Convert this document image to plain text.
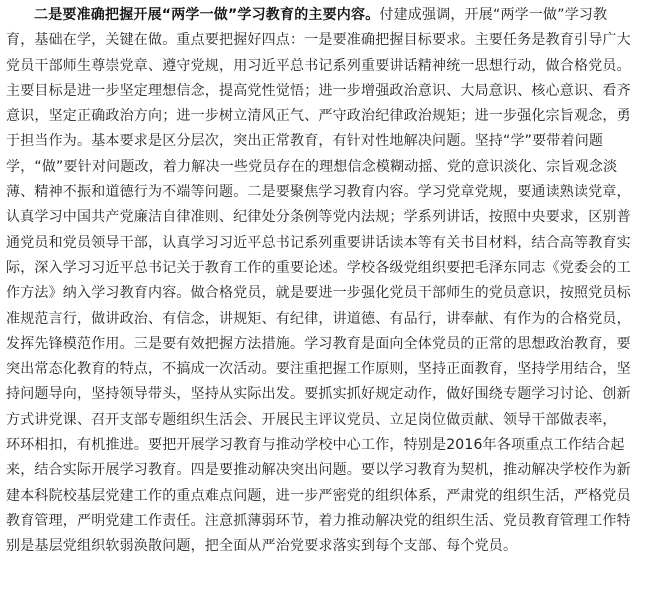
二是要准确把握开展“两学一做”学习教育的主要内容。付建成强调，开展“两学一做”学习教
育，基础在学，关键在做。重点要把握好四点：一是要准确把握目标要求。主要任务是教育引导广大
党员干部师生尊崇党章、遵守党规，用习近平总书记系列重要讲话精神统一思想行动，做合格党员。
主要目标是进一步坚定理想信念，提高党性觉悟；进一步增强政治意识、大局意识、核心意识、看齐
意识，坚定正确政治方向；进一步树立清风正气、严守政治纪律政治规矩；进一步强化宗旨观念，勇
于担当作为。基本要求是区分层次，突出正常教育，有针对性地解决问题。坚持“学”要带着问题
学，“做”要针对问题改，着力解决一些党员存在的理想信念模糊动摇、党的意识淡化、宗旨观念淡
薄、精神不振和道德行为不端等问题。二是要聚焦学习教育内容。学习党章党规，要通读熟读党章，
认真学习中国共产党廉洁自律准则、纪律处分条例等党内法规；学系列讲话，按照中央要求，区别普
通党员和党员领导干部，认真学习习近平总书记系列重要讲话读本等有关书目材料，结合高等教育实
际，深入学习习近平总书记关于教育工作的重要论述。学校各级党组织要把毛泽东同志《党委会的工
作方法》纳入学习教育内容。做合格党员，就是要进一步强化党员干部师生的党员意识，按照党员标
准规范言行，做讲政治、有信念，讲规矩、有纪律，讲道德、有品行，讲奉献、有作为的合格党员，
发挥先锋模范作用。三是要有效把握方法措施。学习教育是面向全体党员的正常的思想政治教育，要
突出常态化教育的特点，不搞成一次活动。要注重把握工作原则，坚持正面教育，坚持学用结合，坚
持问题导向，坚持领导带头，坚持从实际出发。要抓实抓好规定动作，做好围绕专题学习讨论、创新
方式讲党课、召开支部专题组织生活会、开展民主评议党员、立足岗位做贡献、领导干部做表率，
环环相扣，有机推进。要把开展学习教育与推动学校中心工作，特别是2016年各项重点工作结合起
来，结合实际开展学习教育。四是要推动解决突出问题。要以学习教育为契机，推动解决学校作为新
建本科院校基层党建工作的重点难点问题，进一步严密党的组织体系，严肃党的组织生活，严格党员
教育管理，严明党建工作责任。注意抓薄弱环节，着力推动解决党的组织生活、党员教育管理工作特
别是基层党组织软弱涣散问题，把全面从严治党要求落实到每个支部、每个党员。
